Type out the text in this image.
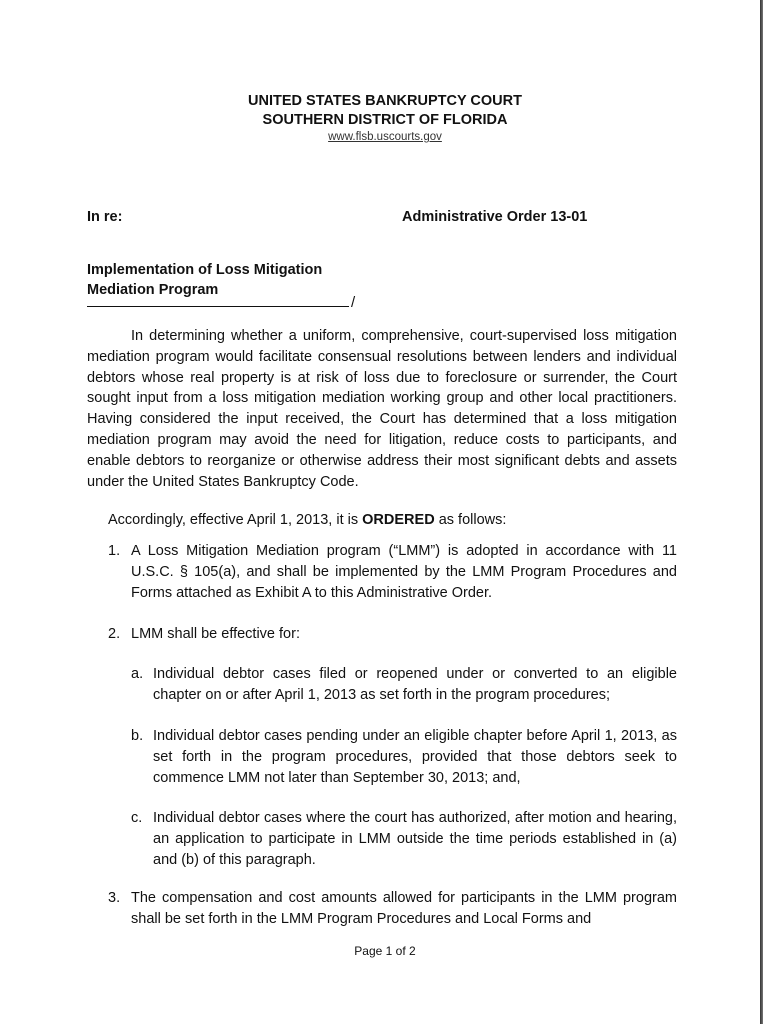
UNITED STATES BANKRUPTCY COURT
SOUTHERN DISTRICT OF FLORIDA
www.flsb.uscourts.gov
In re:	Administrative Order 13-01
Implementation of Loss Mitigation
Mediation Program
/
In determining whether a uniform, comprehensive, court-supervised loss mitigation mediation program would facilitate consensual resolutions between lenders and individual debtors whose real property is at risk of loss due to foreclosure or surrender, the Court sought input from a loss mitigation mediation working group and other local practitioners. Having considered the input received, the Court has determined that a loss mitigation mediation program may avoid the need for litigation, reduce costs to participants, and enable debtors to reorganize or otherwise address their most significant debts and assets under the United States Bankruptcy Code.
Accordingly, effective April 1, 2013, it is ORDERED as follows:
1. A Loss Mitigation Mediation program (“LMM”) is adopted in accordance with 11 U.S.C. § 105(a), and shall be implemented by the LMM Program Procedures and Forms attached as Exhibit A to this Administrative Order.
2. LMM shall be effective for:
a. Individual debtor cases filed or reopened under or converted to an eligible chapter on or after April 1, 2013 as set forth in the program procedures;
b. Individual debtor cases pending under an eligible chapter before April 1, 2013, as set forth in the program procedures, provided that those debtors seek to commence LMM not later than September 30, 2013; and,
c. Individual debtor cases where the court has authorized, after motion and hearing, an application to participate in LMM outside the time periods established in (a) and (b) of this paragraph.
3. The compensation and cost amounts allowed for participants in the LMM program shall be set forth in the LMM Program Procedures and Local Forms and
Page 1 of 2
